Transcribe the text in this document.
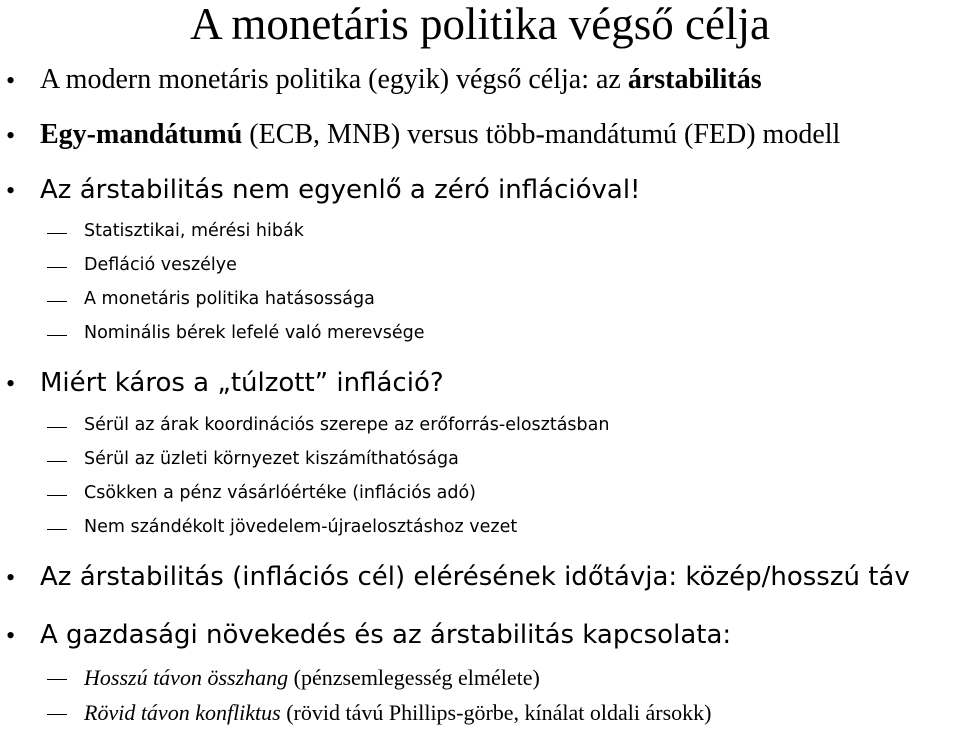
A monetáris politika végső célja
• A modern monetáris politika (egyik) végső célja: az árstabilitás
• Egy-mandátumú (ECB, MNB) versus több-mandátumú (FED) modell
• Az árstabilitás nem egyenlő a zéró inflációval!
Statisztikai, mérési hibák
Defláció veszélye
A monetáris politika hatásossága
Nominális bérek lefelé való merevsége
• Miért káros a „túlzott” infláció?
Sérül az árak koordinációs szerepe az erőforrás-elosztásban
Sérül az üzleti környezet kiszámíthatósága
Csökken a pénz vásárlóértéke (inflációs adó)
Nem szándékolt jövedelem-újraelosztáshoz vezet
• Az árstabilitás (inflációs cél) elérésének időtávja: közép/hosszú táv
• A gazdasági növekedés és az árstabilitás kapcsolata:
Hosszú távon összhang (pénzsemlegesség elmélete)
Rövid távon konfliktus (rövid távú Phillips-görbe, kínálat oldali ársokk)
